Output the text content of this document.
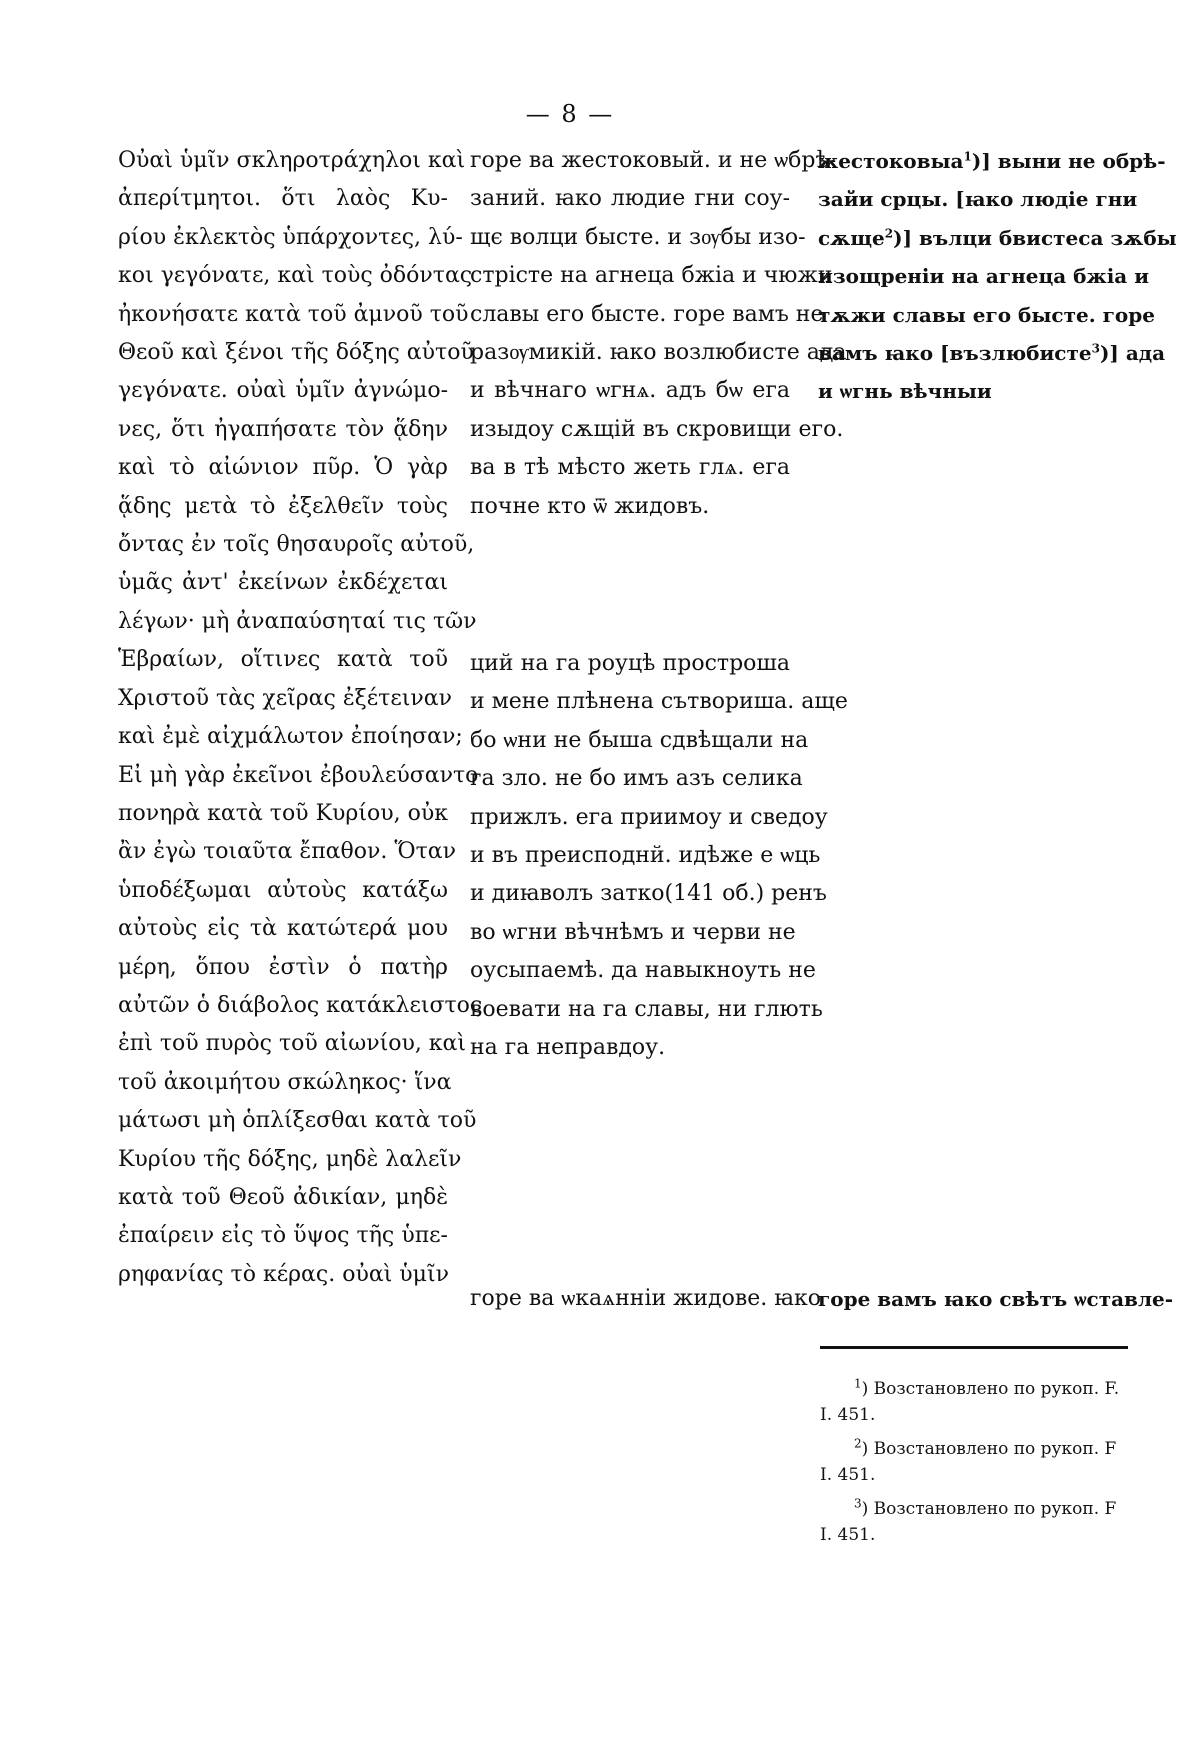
— 8 —

Οὐαὶ ὑμῖν σκληροτράχηλοι καὶ

ἀπερίτμητοι. ὅτι λαὸς Κυ-

ρίου ἐκλεκτὸς ὑπάρχοντες, λύ-

κοι γεγόνατε, καὶ τοὺς ὀδόντας

ἠκονήσατε κατὰ τοῦ ἀμνοῦ τοῦ

Θεοῦ καὶ ξένοι τῆς δόξης αὐτοῦ

γεγόνατε. οὐαὶ ὑμῖν ἀγνώμο-

νες, ὅτι ἠγαπήσατε τὸν ᾅδην

καὶ τὸ αἰώνιον πῦρ. Ὁ γὰρ

ᾅδης μετὰ τὸ ἐξελθεῖν τοὺς

ὄντας ἐν τοῖς θησαυροῖς αὐτοῦ,

ὑμᾶς ἀντ' ἐκείνων ἐκδέχεται

λέγων· μὴ ἀναπαύσηταί τις τῶν

Ἑβραίων, οἵτινες κατὰ τοῦ

Χριστοῦ τὰς χεῖρας ἐξέτειναν

καὶ ἐμὲ αἰχμάλωτον ἐποίησαν;

Εἰ μὴ γὰρ ἐκεῖνοι ἐβουλεύσαντο

πονηρὰ κατὰ τοῦ Κυρίου, οὐκ

ἂν ἐγὼ τοιαῦτα ἔπαθον. Ὅταν

ὑποδέξωμαι αὐτοὺς κατάξω

αὐτοὺς εἰς τὰ κατώτερά μου

μέρη, ὅπου ἐστὶν ὁ πατὴρ

αὐτῶν ὁ διάβολος κατάκλειστος

ἐπὶ τοῦ πυρὸς τοῦ αἰωνίου, καὶ

τοῦ ἀκοιμήτου σκώληκος· ἵνα

μάτωσι μὴ ὁπλίξεσθαι κατὰ τοῦ

Κυρίου τῆς δόξης, μηδὲ λαλεῖν

κατὰ τοῦ Θεοῦ ἀδικίαν, μηδὲ

ἐπαίρειν εἰς τὸ ὕψος τῆς ὑπε-

ρηφανίας τὸ κέρας. οὐαὶ ὑμῖν

горе ва жестоковый. и не ѡбрѣ-

заний. ꙗко людие гни соу-

щє волци бысте. и зѹбы изо-

стрісте на агнеца бжіа и чюжи

славы его бысте. горе вамъ не

разѹмикій. ꙗко возлюбисте ада

и вѣчнаго ѡгнѧ. адъ бѡ ега

изыдоу сѫщій въ скровищи его.

ва в тѣ мѣсто жеть глѧ. ега

почне кто ѿ жидовъ.

ций на га роуцѣ простроша

и мене плѣнена сътвориша. аще

бо ѡни не быша сдвѣщали на

га зло. не бо имъ азъ селика

прижлъ. ега приимоу и сведоу

и въ преисподнй. идѣже е ѡць

и диꙗволъ затко(141 об.) ренъ

во ѡгни вѣчнѣмъ и черви не

оусыпаемѣ. да навыкноуть не

воевати на га славы, ни глють

на га неправдоу.

горе ва ѡкаѧнніи жидове. ꙗко

жестоковыа$^1$)] выни не обрѣ-

зайи срцы. [ꙗко людіе гни

сѫще$^2$)] вълци бвистеса зѫбы

изощреніи на агнеца бжіа и

тѫжи славы его бысте. горе

вамъ ꙗко [възлюбисте$^3$)] ада

и ѡгнь вѣчныи

горе вамъ ꙗко свѣтъ ѡставле-

$^1$) Возстановлено по рукоп. F.
I. 451.
$^2$) Возстановлено по рукоп. F
I. 451.
$^3$) Возстановлено по рукоп. F
I. 451.
